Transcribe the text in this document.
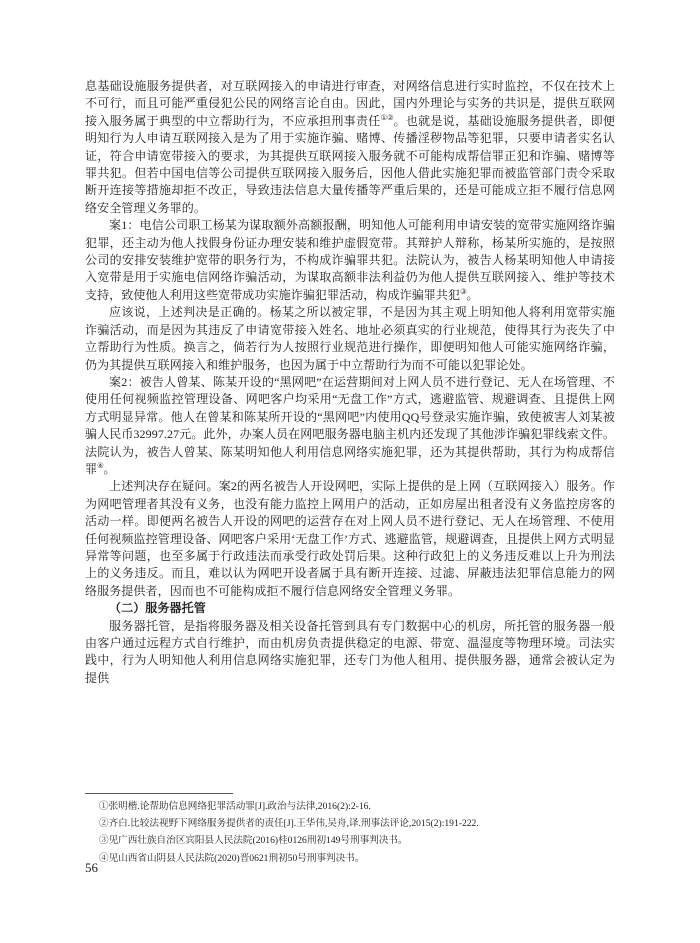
息基础设施服务提供者，对互联网接入的申请进行审查，对网络信息进行实时监控，不仅在技术上不可行，而且可能严重侵犯公民的网络言论自由。因此，国内外理论与实务的共识是，提供互联网接入服务属于典型的中立帮助行为，不应承担刑事责任①②。也就是说，基础设施服务提供者，即便明知行为人申请互联网接入是为了用于实施诈骗、赌博、传播淫秽物品等犯罪，只要申请者实名认证，符合申请宽带接入的要求，为其提供互联网接入服务就不可能构成帮信罪正犯和诈骗、赌博等罪共犯。但若中国电信等公司提供互联网接入服务后，因他人借此实施犯罪而被监管部门责令采取断开连接等措施却拒不改正，导致违法信息大量传播等严重后果的，还是可能成立拒不履行信息网络安全管理义务罪的。

案1：电信公司职工杨某为谋取额外高额报酬，明知他人可能利用申请安装的宽带实施网络诈骗犯罪，还主动为他人找假身份证办理安装和维护虚假宽带。其辩护人辩称，杨某所实施的，是按照公司的安排安装维护宽带的职务行为，不构成诈骗罪共犯。法院认为，被告人杨某明知他人申请接入宽带是用于实施电信网络诈骗活动，为谋取高额非法利益仍为他人提供互联网接入、维护等技术支持，致使他人利用这些宽带成功实施诈骗犯罪活动，构成诈骗罪共犯③。

应该说，上述判决是正确的。杨某之所以被定罪，不是因为其主观上明知他人将利用宽带实施诈骗活动，而是因为其违反了申请宽带接入姓名、地址必须真实的行业规范，使得其行为丧失了中立帮助行为性质。换言之，倘若行为人按照行业规范进行操作，即便明知他人可能实施网络诈骗，仍为其提供互联网接入和维护服务，也因为属于中立帮助行为而不可能以犯罪论处。

案2：被告人曾某、陈某开设的“黑网吧”在运营期间对上网人员不进行登记、无人在场管理、不使用任何视频监控管理设备、网吧客户均采用“无盘工作”方式，逃避监管、规避调查、且提供上网方式明显异常。他人在曾某和陈某所开设的“黑网吧”内使用QQ号登录实施诈骗，致使被害人刘某被骗人民币32997.27元。此外，办案人员在网吧服务器电脑主机内还发现了其他涉诈骗犯罪线索文件。法院认为，被告人曾某、陈某明知他人利用信息网络实施犯罪，还为其提供帮助，其行为构成帮信罪④。

上述判决存在疑问。案2的两名被告人开设网吧，实际上提供的是上网（互联网接入）服务。作为网吧管理者其没有义务，也没有能力监控上网用户的活动，正如房屋出租者没有义务监控房客的活动一样。即便两名被告人开设的网吧的运营存在对上网人员不进行登记、无人在场管理、不使用任何视频监控管理设备、网吧客户采用‘无盘工作’方式、逃避监管，规避调查，且提供上网方式明显异常等问题，也至多属于行政违法而承受行政处罚后果。这种行政犯上的义务违反难以上升为刑法上的义务违反。而且，难以认为网吧开设者属于具有断开连接、过滤、屏蔽违法犯罪信息能力的网络服务提供者，因而也不可能构成拒不履行信息网络安全管理义务罪。

（二）服务器托管

服务器托管，是指将服务器及相关设备托管到具有专门数据中心的机房，所托管的服务器一般由客户通过远程方式自行维护，而由机房负责提供稳定的电源、带宽、温湿度等物理环境。司法实践中，行为人明知他人利用信息网络实施犯罪，还专门为他人租用、提供服务器，通常会被认定为提供

①张明楷.论帮助信息网络犯罪活动罪[J].政治与法律,2016(2):2-16.
②齐白.比较法视野下网络服务提供者的责任[J].王华伟,吴舟,译.刑事法评论,2015(2):191-222.
③见广西壮族自治区宾阳县人民法院(2016)桂0126刑初149号刑事判决书。
④见山西省山阴县人民法院(2020)晋0621刑初50号刑事判决书。
56
